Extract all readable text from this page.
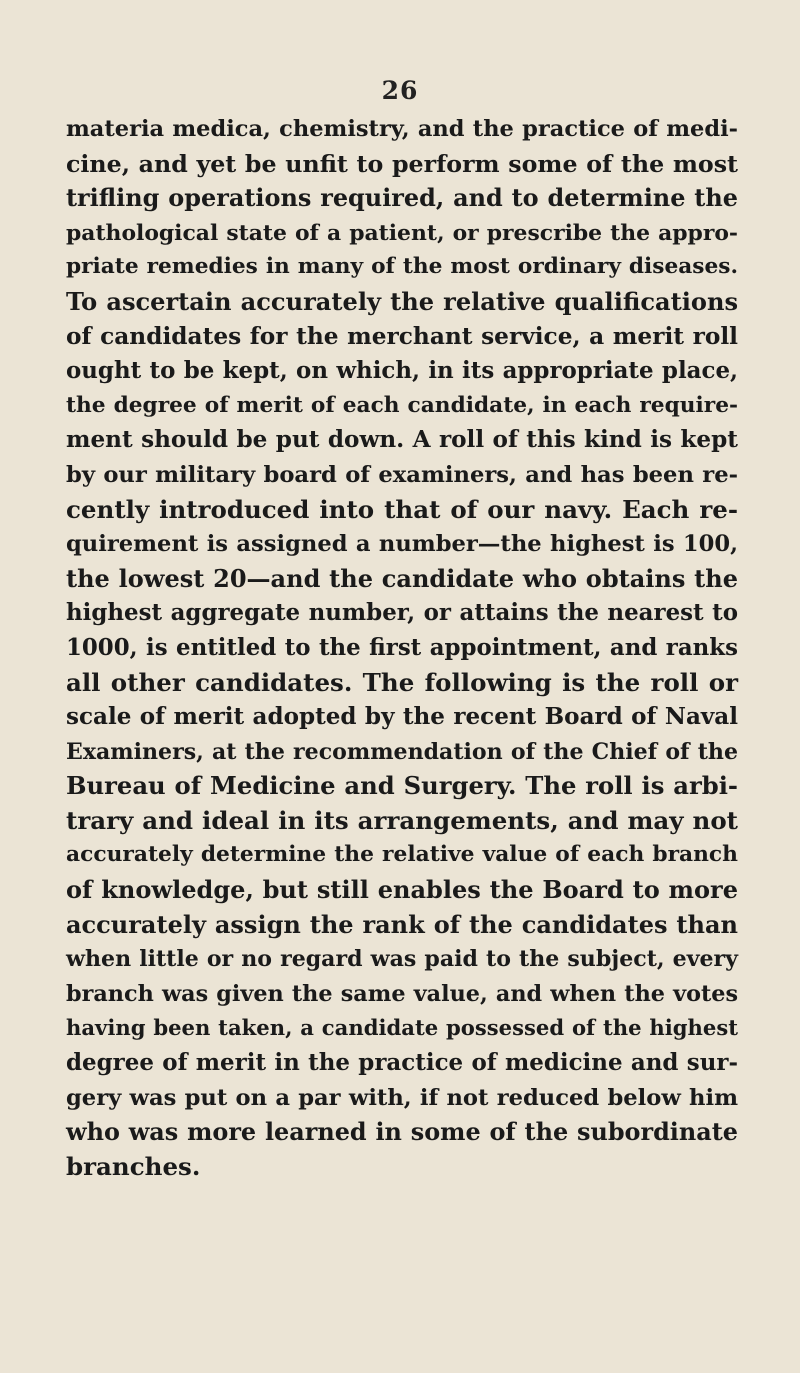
26
materia medica, chemistry, and the practice of medi-
cine, and yet be unfit to perform some of the most
trifling operations required, and to determine the
pathological state of a patient, or prescribe the appro-
priate remedies in many of the most ordinary diseases.
To ascertain accurately the relative qualifications
of candidates for the merchant service, a merit roll
ought to be kept, on which, in its appropriate place,
the degree of merit of each candidate, in each require-
ment should be put down. A roll of this kind is kept
by our military board of examiners, and has been re-
cently introduced into that of our navy. Each re-
quirement is assigned a number—the highest is 100,
the lowest 20—and the candidate who obtains the
highest aggregate number, or attains the nearest to
1000, is entitled to the first appointment, and ranks
all other candidates. The following is the roll or
scale of merit adopted by the recent Board of Naval
Examiners, at the recommendation of the Chief of the
Bureau of Medicine and Surgery. The roll is arbi-
trary and ideal in its arrangements, and may not
accurately determine the relative value of each branch
of knowledge, but still enables the Board to more
accurately assign the rank of the candidates than
when little or no regard was paid to the subject, every
branch was given the same value, and when the votes
having been taken, a candidate possessed of the highest
degree of merit in the practice of medicine and sur-
gery was put on a par with, if not reduced below him
who was more learned in some of the subordinate
branches.
